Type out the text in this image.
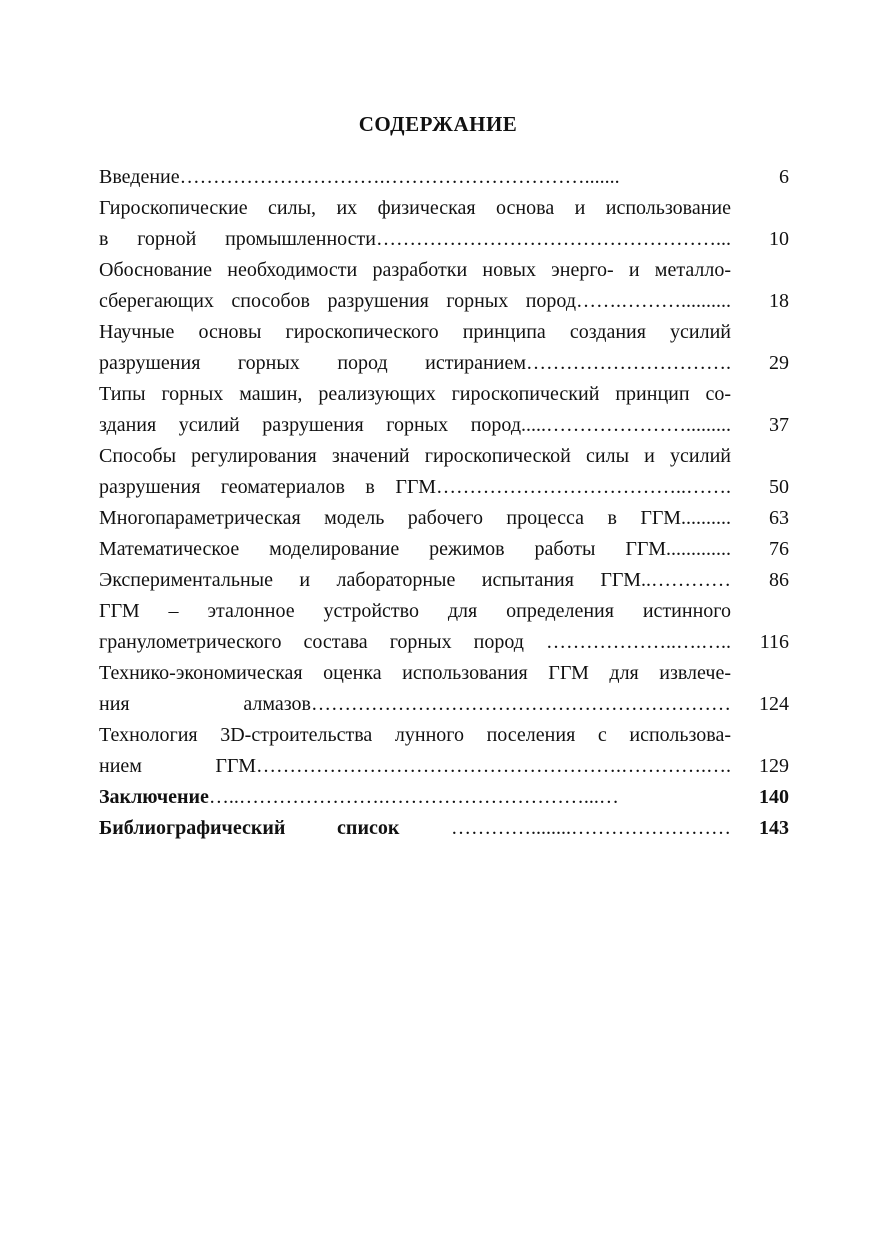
СОДЕРЖАНИЕ
Введение………………………….………………………….......	6
Гироскопические силы, их физическая основа и использование
в горной промышленности……………………………………………...	10
Обоснование необходимости разработки новых энерго- и металло-
сберегающих способов разрушения горных пород…….………..........	18
Научные основы гироскопического принципа создания усилий
разрушения горных пород истиранием………………………….	29
Типы горных машин, реализующих гироскопический принцип со-
здания усилий разрушения горных пород.....………………….........	37
Способы регулирования значений гироскопической силы и усилий
разрушения геоматериалов в ГГМ………………………………..…….	50
Многопараметрическая модель рабочего процесса в ГГМ..........	63
Математическое моделирование режимов работы ГГМ.............	76
Экспериментальные и лабораторные испытания ГГМ..…………	86
ГГМ – эталонное устройство для определения истинного
гранулометрического состава горных пород ………………..….…..	116
Технико-экономическая оценка использования ГГМ для извлече-
ния алмазов………………………………………………………	124
Технология 3D-строительства лунного поселения с использова-
нием ГГМ……………………………………………….………….….	129
Заключение…..………………….…………………………...…	140
Библиографический список …………........……………………	143
